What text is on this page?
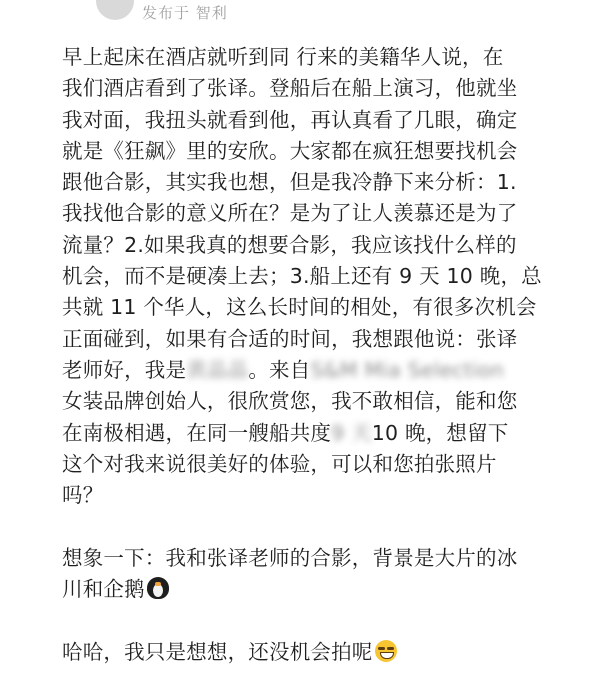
发布于 智利
早上起床在酒店就听到同 行来的美籍华人说，在
我们酒店看到了张译。登船后在船上演习，他就坐
我对面，我扭头就看到他，再认真看了几眼，确定
就是《狂飙》里的安欣。大家都在疯狂想要找机会
跟他合影，其实我也想，但是我冷静下来分析：1.
我找他合影的意义所在？是为了让人羡慕还是为了
流量？2.如果我真的想要合影，我应该找什么样的
机会，而不是硬凑上去；3.船上还有 9 天 10 晚，总
共就 11 个华人，这么长时间的相处，有很多次机会
正面碰到，如果有合适的时间，我想跟他说：张译
老师好，我是黄晶晶。来自S&M Mia Selection
女装品牌创始人，很欣赏您，我不敢相信，能和您
在南极相遇，在同一艘船共度9 天10 晚，想留下
这个对我来说很美好的体验，可以和您拍张照片
吗？
想象一下：我和张译老师的合影，背景是大片的冰
川和企鹅
哈哈，我只是想想，还没机会拍呢
